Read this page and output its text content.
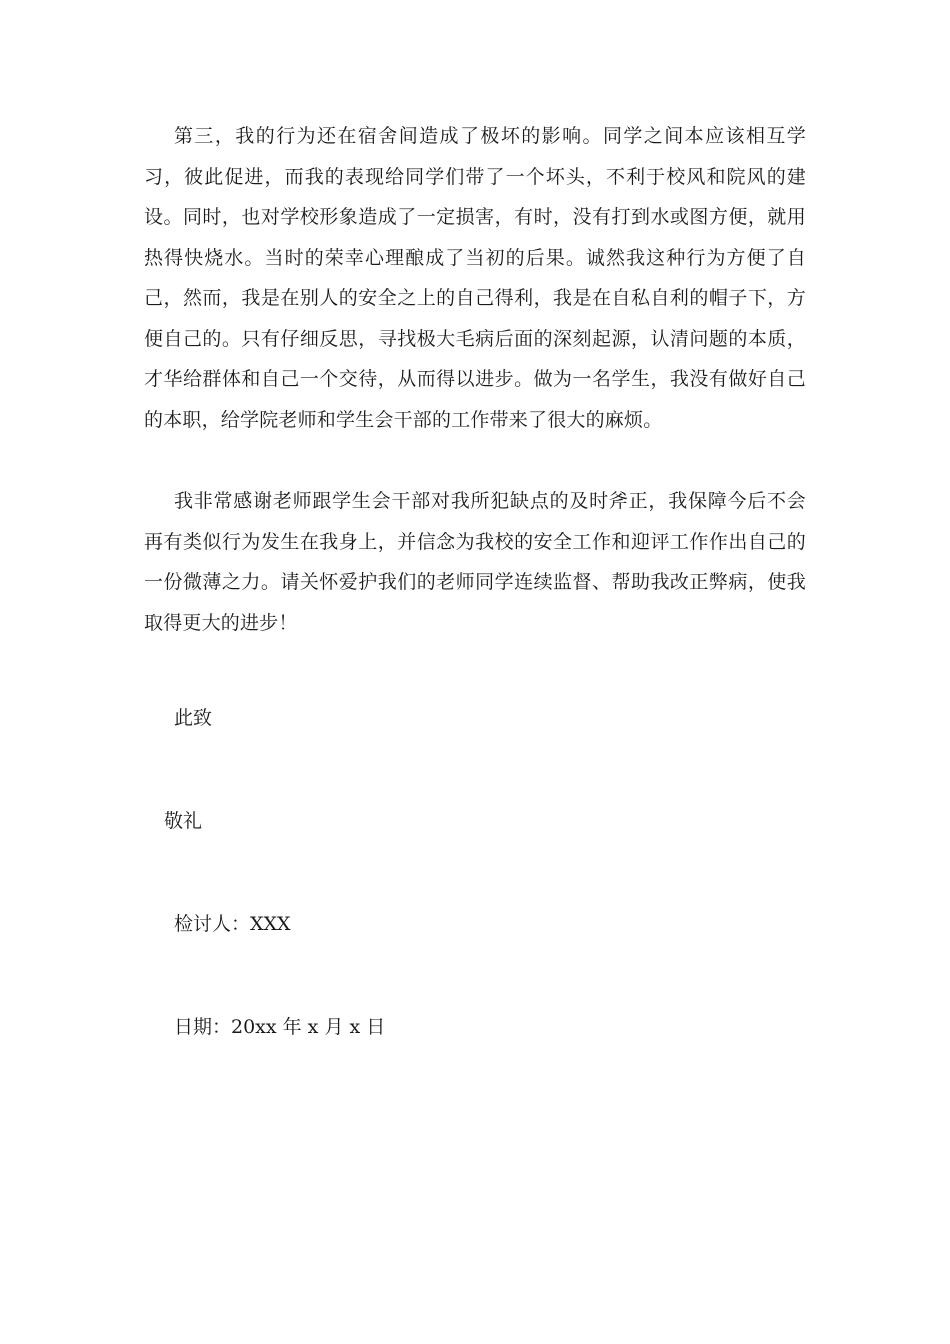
第三，我的行为还在宿舍间造成了极坏的影响。同学之间本应该相互学习，彼此促进，而我的表现给同学们带了一个坏头，不利于校风和院风的建设。同时，也对学校形象造成了一定损害，有时，没有打到水或图方便，就用热得快烧水。当时的荣幸心理酿成了当初的后果。诚然我这种行为方便了自己，然而，我是在别人的安全之上的自己得利，我是在自私自利的帽子下，方便自己的。只有仔细反思，寻找极大毛病后面的深刻起源，认清问题的本质，才华给群体和自己一个交待，从而得以进步。做为一名学生，我没有做好自己的本职，给学院老师和学生会干部的工作带来了很大的麻烦。

我非常感谢老师跟学生会干部对我所犯缺点的及时斧正，我保障今后不会再有类似行为发生在我身上，并信念为我校的安全工作和迎评工作作出自己的一份微薄之力。请关怀爱护我们的老师同学连续监督、帮助我改正弊病，使我取得更大的进步！

此致

敬礼

检讨人：XXX

日期：20xx 年 x 月 x 日
